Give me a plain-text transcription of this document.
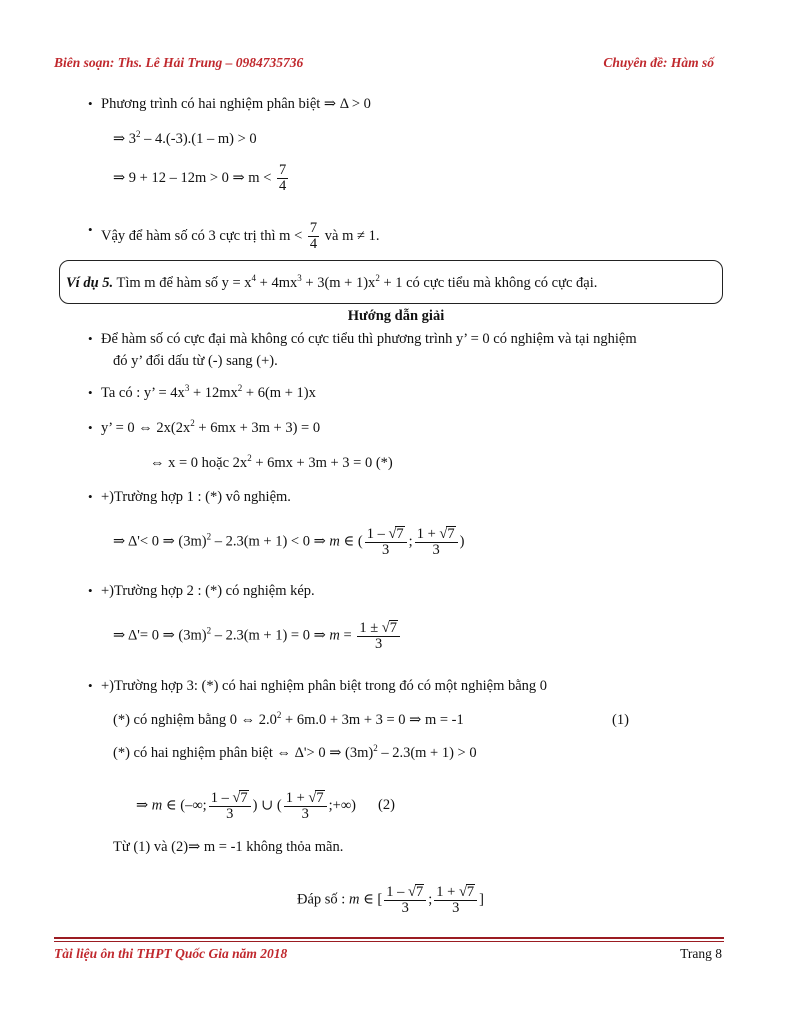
Biên soạn: Ths. Lê Hải Trung – 0984735736	Chuyên đề: Hàm số
• Phương trình có hai nghiệm phân biệt ⇒ Δ > 0
⇒ $3^2 - 4.(-3).(1 - m) > 0$
⇒ 9 + 12 – 12m > 0 ⇒ $m < \frac{7}{4}$
• Vậy để hàm số có 3 cực trị thì $m < \frac{7}{4}$ và m ≠ 1.
Ví dụ 5. Tìm m để hàm số $y = x^4 + 4mx^3 + 3(m + 1)x^2 + 1$ có cực tiểu mà không có cực đại.
Hướng dẫn giải
• Để hàm số có cực đại mà không có cực tiểu thì phương trình y’ = 0 có nghiệm và tại nghiệm
đó y’ đổi dấu từ (-) sang (+).
• Ta có : y’ = $4x^3 + 12mx^2 + 6(m + 1)x$
• y’ = 0 ⇔ $2x(2x^2 + 6mx + 3m + 3) = 0$
⇔ x = 0 hoặc $2x^2 + 6mx + 3m + 3 = 0$ (*)
• +)Trường hợp 1 : (*) vô nghiệm.
⇒ Δ'< 0 ⇒ $(3m)^2 - 2.3(m + 1) < 0$ ⇒ m ∈ ( $\frac{1 - √7}{3}$ ; $\frac{1 + √7}{3}$ )
• +)Trường hợp 2 : (*) có nghiệm kép.
⇒ Δ'= 0 ⇒ $(3m)^2 - 2.3(m + 1) = 0$ ⇒ $m = \frac{1 \pm √7}{3}$
• +)Trường hợp 3: (*) có hai nghiệm phân biệt trong đó có một nghiệm bằng 0
(*) có nghiệm bằng 0 ⇔ $2.0^2 + 6m.0 + 3m + 3 = 0$ ⇒ m = -1	(1)
(*) có hai nghiệm phân biệt ⇔ Δ'> 0 ⇒ $(3m)^2 - 2.3(m + 1) > 0$
⇒ m ∈ (–∞; $\frac{1 - √7}{3}$ ) ∪ ( $\frac{1 + √7}{3}$ ;+∞) (2)
Từ (1) và (2)⇒ m = -1 không thỏa mãn.
Đáp số : m ∈ [ $\frac{1 - √7}{3}$ ; $\frac{1 + √7}{3}$ ]
Tài liệu ôn thi THPT Quốc Gia năm 2018	Trang 8
